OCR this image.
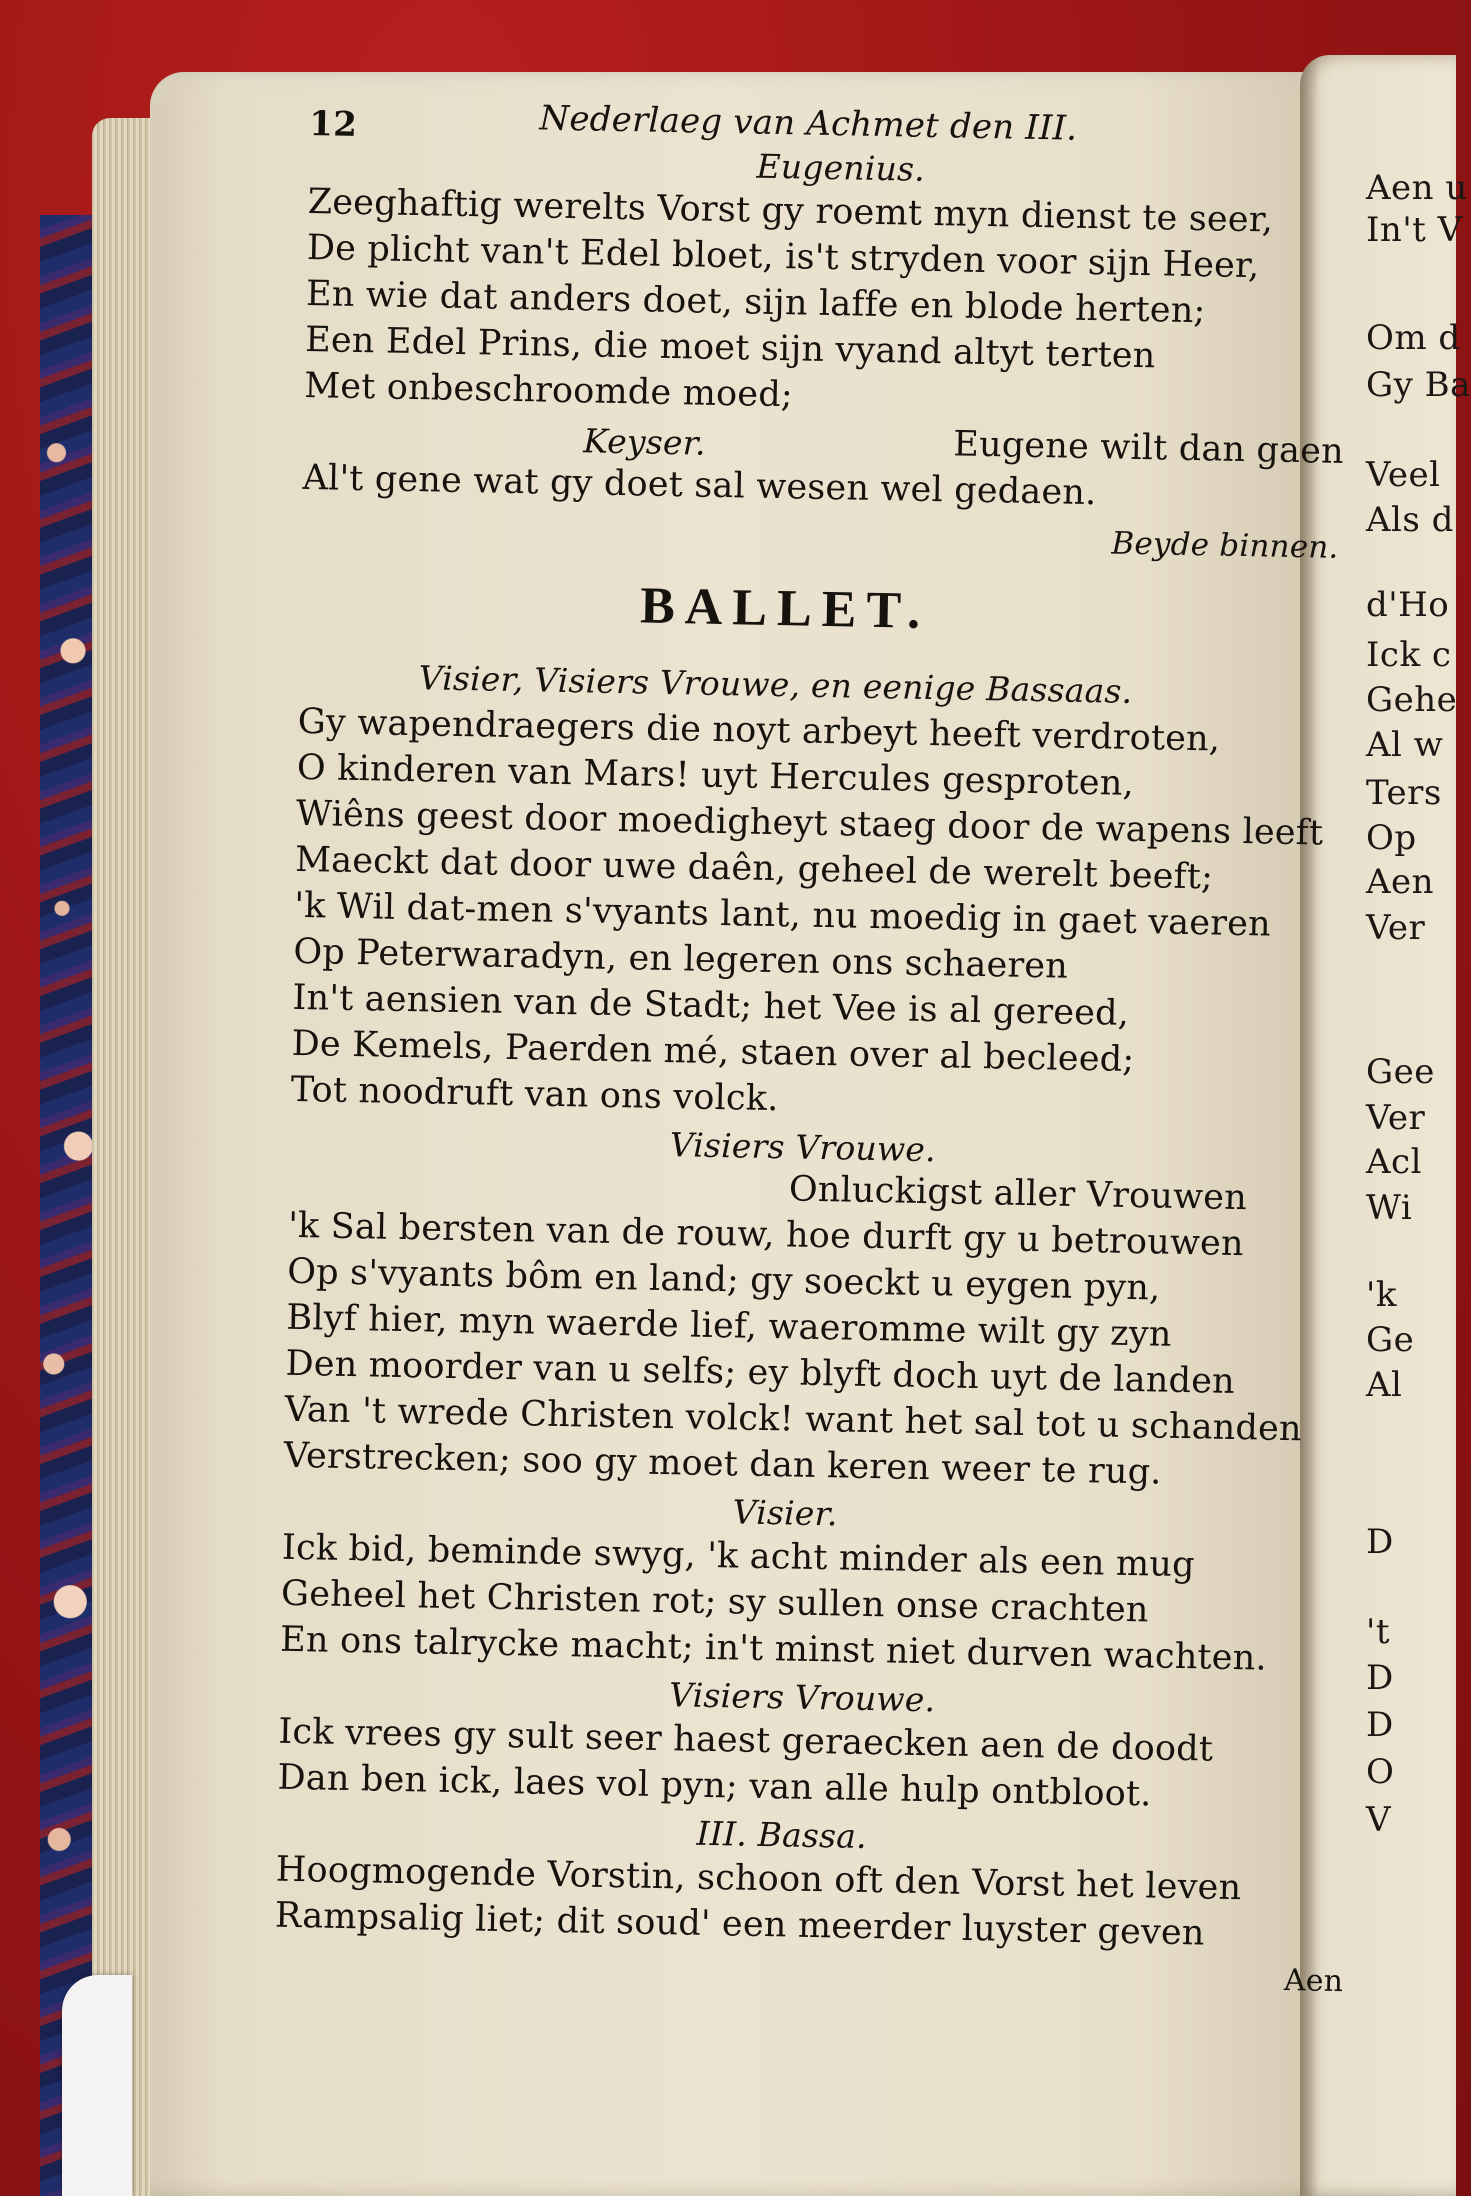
Aen u
In't V
Om d
Gy Ba
Veel
Als d
d'Ho
Ick c
Gehe
Al w
Ters
Op
Aen
Ver
Gee
Ver
Acl
Wi
'k
Ge
Al
D
't
D
D
O
V
12	Nederlaeg van Achmet den III.
Eugenius.
Zeeghaftig werelts Vorst gy roemt myn dienst te seer,
De plicht van't Edel bloet, is't stryden voor sijn Heer,
En wie dat anders doet, sijn laffe en blode herten;
Een Edel Prins, die moet sijn vyand altyt terten
Met onbeschroomde moed;
Keyser.	Eugene wilt dan gaen
Al't gene wat gy doet sal wesen wel gedaen.
Beyde binnen.
BALLET.
Visier, Visiers Vrouwe, en eenige Bassaas.
Gy wapendraegers die noyt arbeyt heeft verdroten,
O kinderen van Mars! uyt Hercules gesproten,
Wiêns geest door moedigheyt staeg door de wapens leeft
Maeckt dat door uwe daên, geheel de werelt beeft;
'k Wil dat-men s'vyants lant, nu moedig in gaet vaeren
Op Peterwaradyn, en legeren ons schaeren
In't aensien van de Stadt; het Vee is al gereed,
De Kemels, Paerden mé, staen over al becleed;
Tot noodruft van ons volck.
Visiers Vrouwe.
Onluckigst aller Vrouwen
'k Sal bersten van de rouw, hoe durft gy u betrouwen
Op s'vyants bôm en land; gy soeckt u eygen pyn,
Blyf hier, myn waerde lief, waeromme wilt gy zyn
Den moorder van u selfs; ey blyft doch uyt de landen
Van 't wrede Christen volck! want het sal tot u schanden
Verstrecken; soo gy moet dan keren weer te rug.
Visier.
Ick bid, beminde swyg, 'k acht minder als een mug
Geheel het Christen rot; sy sullen onse crachten
En ons talrycke macht; in't minst niet durven wachten.
Visiers Vrouwe.
Ick vrees gy sult seer haest geraecken aen de doodt
Dan ben ick, laes vol pyn; van alle hulp ontbloot.
III. Bassa.
Hoogmogende Vorstin, schoon oft den Vorst het leven
Rampsalig liet; dit soud' een meerder luyster geven
Aen
